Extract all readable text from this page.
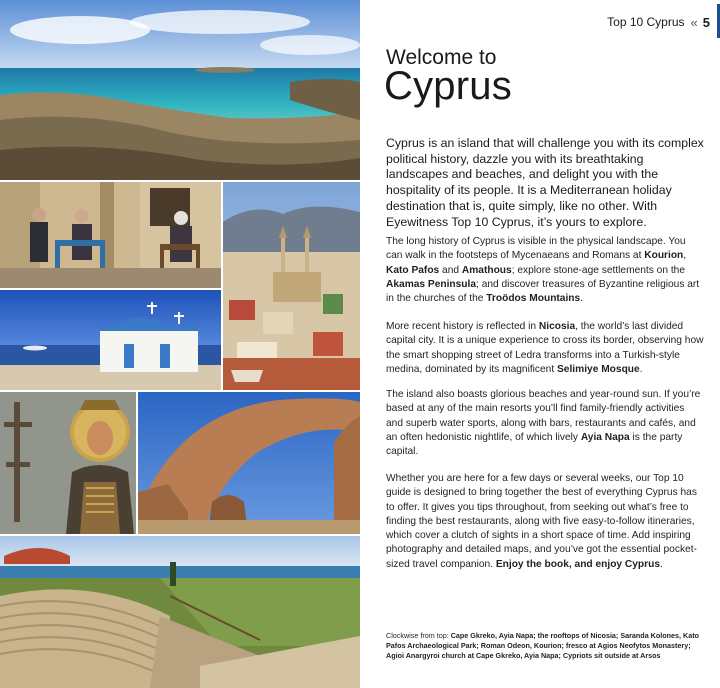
Top 10 Cyprus « 5
Welcome to
Cyprus
Cyprus is an island that will challenge you with its complex political history, dazzle you with its breathtaking landscapes and beaches, and delight you with the hospitality of its people. It is a Mediterranean holiday destination that is, quite simply, like no other. With Eyewitness Top 10 Cyprus, it’s yours to explore.
The long history of Cyprus is visible in the physical landscape. You can walk in the footsteps of Mycenaeans and Romans at Kourion, Kato Pafos and Amathous; explore stone-age settlements on the Akamas Peninsula; and discover treasures of Byzantine religious art in the churches of the Troödos Mountains.
More recent history is reflected in Nicosia, the world’s last divided capital city. It is a unique experience to cross its border, observing how the smart shopping street of Ledra transforms into a Turkish-style medina, dominated by its magnificent Selimiye Mosque.
The island also boasts glorious beaches and year-round sun. If you’re based at any of the main resorts you’ll find family-friendly activities and superb water sports, along with bars, restaurants and cafés, and an often hedonistic nightlife, of which lively Ayia Napa is the party capital.
Whether you are here for a few days or several weeks, our Top 10 guide is designed to bring together the best of everything Cyprus has to offer. It gives you tips throughout, from seeking out what’s free to finding the best restaurants, along with five easy-to-follow itineraries, which cover a clutch of sights in a short space of time. Add inspiring photography and detailed maps, and you’ve got the essential pocket-sized travel companion. Enjoy the book, and enjoy Cyprus.
Clockwise from top: Cape Gkreko, Ayia Napa; the rooftops of Nicosia; Saranda Kolones, Kato Pafos Archaeological Park; Roman Odeon, Kourion; fresco at Agios Neofytos Monastery; Agioi Anargyroi church at Cape Gkreko, Ayia Napa; Cypriots sit outside at Arsos
